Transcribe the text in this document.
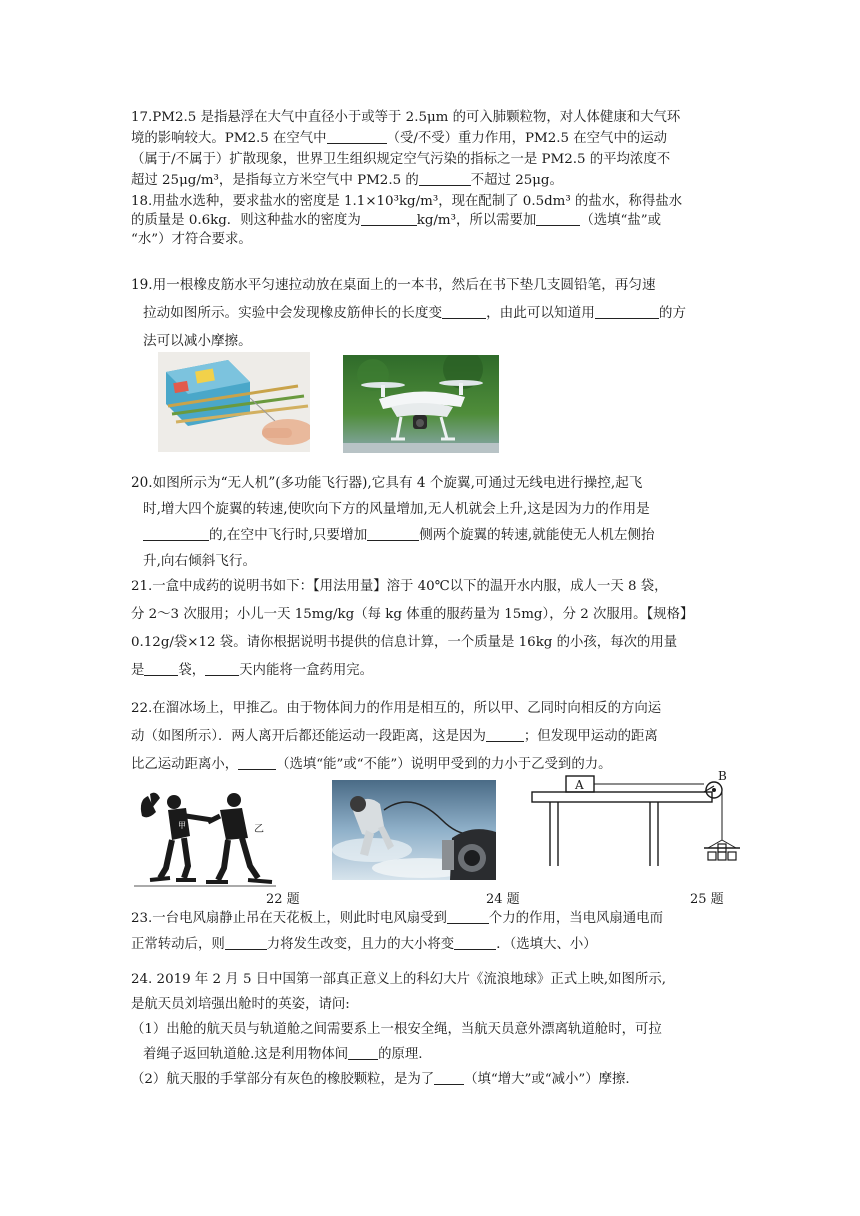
17.PM2.5 是指悬浮在大气中直径小于或等于 2.5μm 的可入肺颗粒物，对人体健康和大气环

境的影响较大。PM2.5 在空气中	（受/不受）重力作用，PM2.5 在空气中的运动

（属于/不属于）扩散现象，世界卫生组织规定空气污染的指标之一是 PM2.5 的平均浓度不

超过 25μg/m³，是指每立方米空气中 PM2.5 的	不超过 25μg。

18.用盐水选种，要求盐水的密度是 1.1×10³kg/m³，现在配制了 0.5dm³ 的盐水，称得盐水

的质量是 0.6kg．则这种盐水的密度为	kg/m³，所以需要加	（选填“盐”或

“水”）才符合要求。

19.用一根橡皮筋水平匀速拉动放在桌面上的一本书，然后在书下垫几支圆铅笔，再匀速

拉动如图所示。实验中会发现橡皮筋伸长的长度变	，由此可以知道用	的方

法可以减小摩擦。

20.如图所示为“无人机”(多功能飞行器),它具有 4 个旋翼,可通过无线电进行操控,起飞

时,增大四个旋翼的转速,使吹向下方的风量增加,无人机就会上升,这是因为力的作用是

的,在空中飞行时,只要增加	侧两个旋翼的转速,就能使无人机左侧抬

升,向右倾斜飞行。

21.一盒中成药的说明书如下：【用法用量】溶于 40℃以下的温开水内服，成人一天 8 袋，

分 2～3 次服用；小儿一天 15mg/kg（每 kg 体重的服药量为 15mg），分 2 次服用。【规格】

0.12g/袋×12 袋。请你根据说明书提供的信息计算，一个质量是 16kg 的小孩，每次的用量

是	袋，	天内能将一盒药用完。

22.在溜冰场上，甲推乙。由于物体间力的作用是相互的，所以甲、乙同时向相反的方向运

动（如图所示）．两人离开后都还能运动一段距离，这是因为	；但发现甲运动的距离

比乙运动距离小，	（选填“能”或“不能”）说明甲受到的力小于乙受到的力。

甲	乙
A
B
22 题	24 题	25 题

23.一台电风扇静止吊在天花板上，则此时电风扇受到	个力的作用，当电风扇通电而

正常转动后，则	力将发生改变，且力的大小将变	．（选填大、小）

24. 2019 年 2 月 5 日中国第一部真正意义上的科幻大片《流浪地球》正式上映,如图所示,

是航天员刘培强出舱时的英姿，请问:

（1）出舱的航天员与轨道舱之间需要系上一根安全绳，当航天员意外漂离轨道舱时，可拉

着绳子返回轨道舱.这是利用物体间 的原理.

（2）航天服的手掌部分有灰色的橡胶颗粒，是为了 （填“增大”或“减小”）摩擦.
